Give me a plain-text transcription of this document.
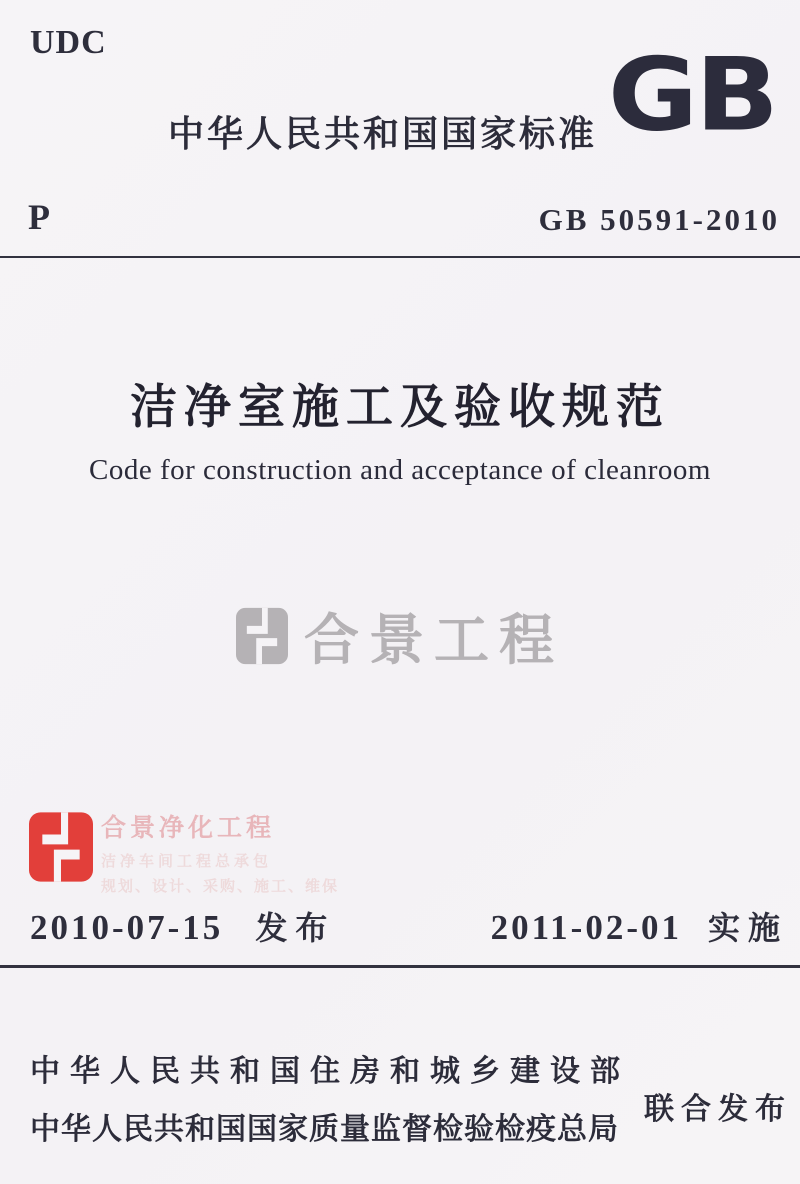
UDC
中华人民共和国国家标准 GB
P	GB 50591-2010
洁净室施工及验收规范
Code for construction and acceptance of cleanroom
合景工程
合景净化工程
洁净车间工程总承包
规划、设计、采购、施工、维保
2010-07-15 发布	2011-02-01 实施
中华人民共和国住房和城乡建设部
中华人民共和国国家质量监督检验检疫总局
联合发布
